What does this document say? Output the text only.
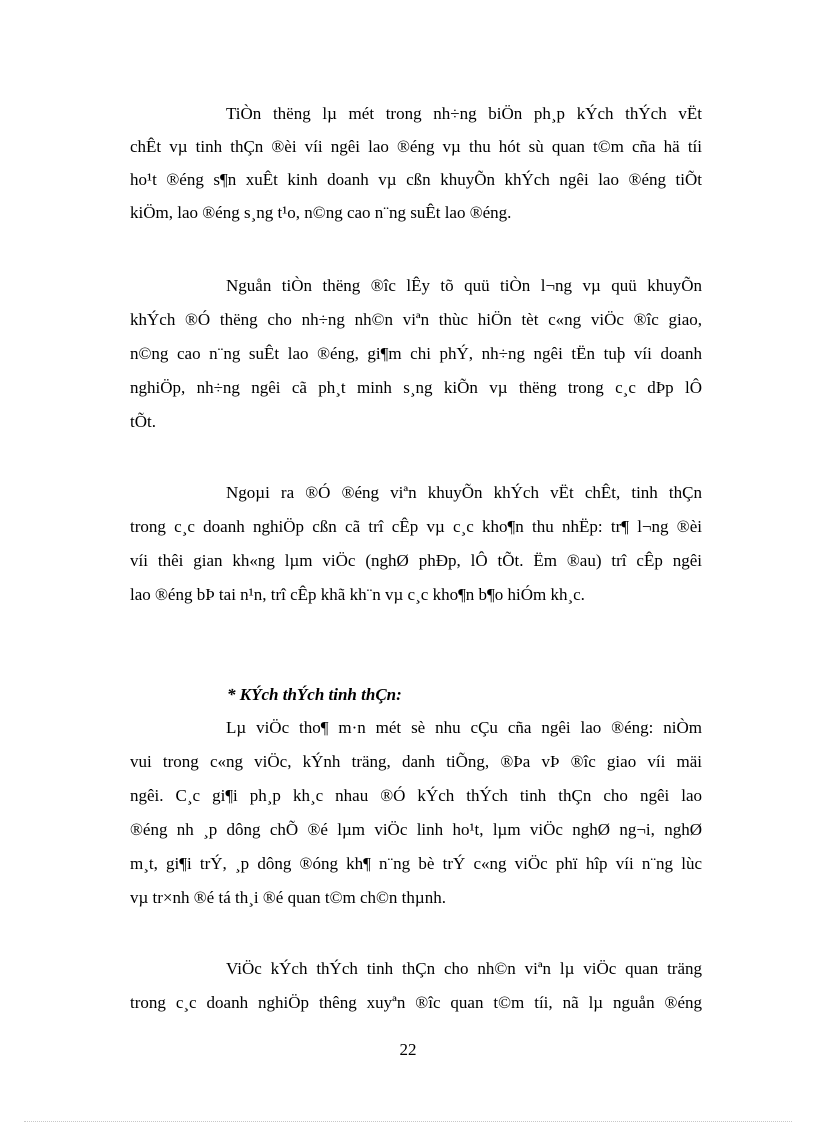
TiÒn thëng lµ mét trong nh÷ng biÖn ph¸p kÝch thÝch vËt
chÊt vµ tinh thÇn ®èi víi ngêi lao ®éng vµ thu hót sù quan t©m cña hä tíi
ho¹t ®éng s¶n xuÊt kinh doanh vµ cßn khuyÕn khÝch ngêi lao ®éng tiÕt
kiÖm, lao ®éng s¸ng t¹o, n©ng cao n¨ng suÊt lao ®éng.
Nguån tiÒn thëng ®îc lÊy tõ quü tiÒn l¬ng vµ quü khuyÕn
khÝch ®Ó thëng cho nh÷ng nh©n viªn thùc hiÖn tèt c«ng viÖc ®îc giao,
n©ng cao n¨ng suÊt lao ®éng, gi¶m chi phÝ, nh÷ng ngêi tËn tuþ víi doanh
nghiÖp, nh÷ng ngêi cã ph¸t minh s¸ng kiÕn vµ thëng trong c¸c dÞp lÔ
tÕt.
Ngoµi ra ®Ó ®éng viªn khuyÕn khÝch vËt chÊt, tinh thÇn
trong c¸c doanh nghiÖp cßn cã trî cÊp vµ c¸c kho¶n thu nhËp: tr¶ l¬ng ®èi
víi thêi gian kh«ng lµm viÖc (nghØ phÐp, lÔ tÕt. Ëm ®au) trî cÊp ngêi
lao ®éng bÞ tai n¹n, trî cÊp khã kh¨n vµ c¸c kho¶n b¶o hiÓm kh¸c.

* KÝch thÝch tinh thÇn:

Lµ viÖc tho¶ m·n mét sè nhu cÇu cña ngêi lao ®éng: niÒm
vui trong c«ng viÖc, kÝnh träng, danh tiÕng, ®Þa vÞ ®îc giao víi mäi
ngêi. C¸c gi¶i ph¸p kh¸c nhau ®Ó kÝch thÝch tinh thÇn cho ngêi lao
®éng nh ¸p dông chÕ ®é lµm viÖc linh ho¹t, lµm viÖc nghØ ng¬i, nghØ
m¸t, gi¶i trÝ, ¸p dông ®óng kh¶ n¨ng bè trÝ c«ng viÖc phï hîp víi n¨ng lùc
vµ tr×nh ®é tá th¸i ®é quan t©m ch©n thµnh.
ViÖc kÝch thÝch tinh thÇn cho nh©n viªn lµ viÖc quan träng
trong c¸c doanh nghiÖp thêng xuyªn ®îc quan t©m tíi, nã lµ nguån ®éng

22
